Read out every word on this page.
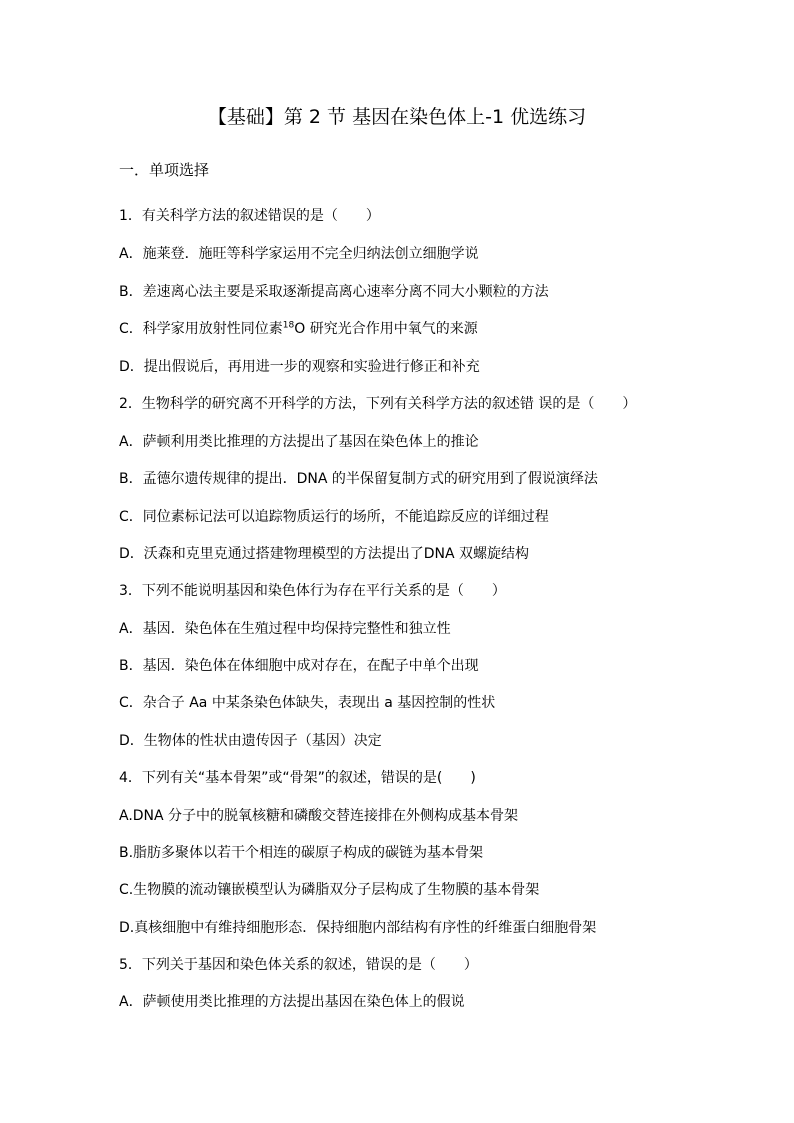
【基础】第 2 节 基因在染色体上-1 优选练习
一．单项选择
1．有关科学方法的叙述错误的是（　　）
A．施莱登．施旺等科学家运用不完全归纳法创立细胞学说
B．差速离心法主要是采取逐渐提高离心速率分离不同大小颗粒的方法
C．科学家用放射性同位素$^{18}$O 研究光合作用中氧气的来源
D．提出假说后，再用进一步的观察和实验进行修正和补充
2．生物科学的研究离不开科学的方法，下列有关科学方法的叙述错 误的是（　　）
A．萨顿利用类比推理的方法提出了基因在染色体上的推论
B．孟德尔遗传规律的提出．DNA 的半保留复制方式的研究用到了假说演绎法
C．同位素标记法可以追踪物质运行的场所，不能追踪反应的详细过程
D．沃森和克里克通过搭建物理模型的方法提出了DNA 双螺旋结构
3．下列不能说明基因和染色体行为存在平行关系的是（　　）
A．基因．染色体在生殖过程中均保持完整性和独立性
B．基因．染色体在体细胞中成对存在，在配子中单个出现
C．杂合子 Aa 中某条染色体缺失，表现出 a 基因控制的性状
D．生物体的性状由遗传因子（基因）决定
4．下列有关“基本骨架”或“骨架”的叙述，错误的是(　　)
A.DNA 分子中的脱氧核糖和磷酸交替连接排在外侧构成基本骨架
B.脂肪多聚体以若干个相连的碳原子构成的碳链为基本骨架
C.生物膜的流动镶嵌模型认为磷脂双分子层构成了生物膜的基本骨架
D.真核细胞中有维持细胞形态．保持细胞内部结构有序性的纤维蛋白细胞骨架
5．下列关于基因和染色体关系的叙述，错误的是（　　）
A．萨顿使用类比推理的方法提出基因在染色体上的假说
